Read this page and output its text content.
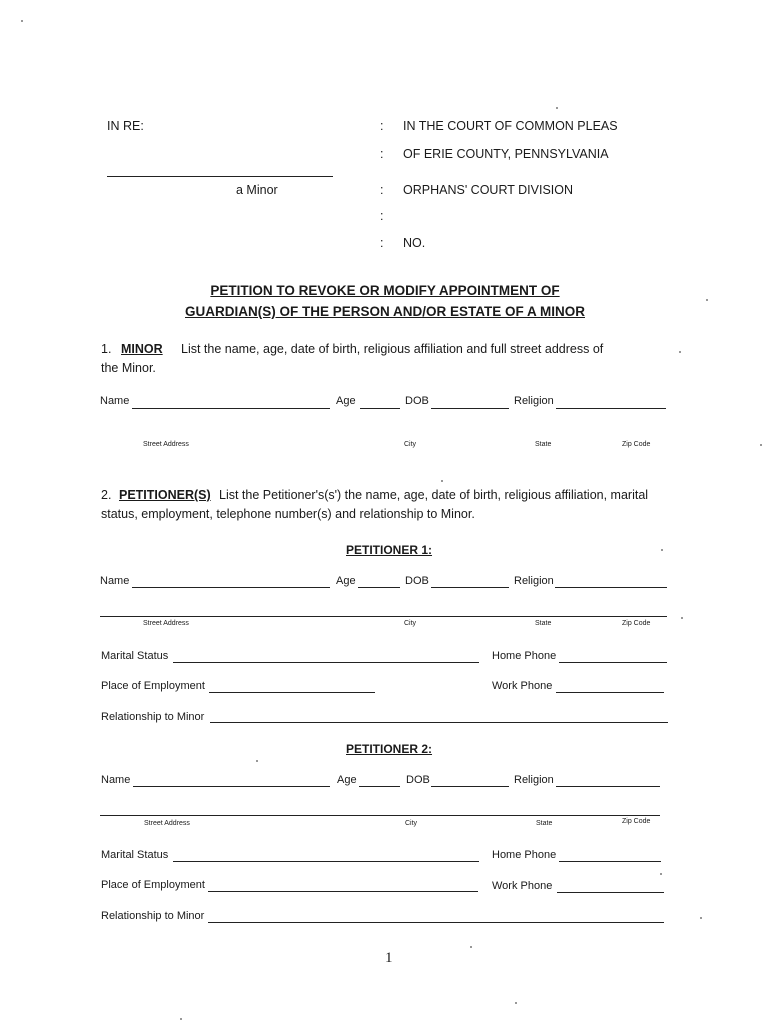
IN RE:	: IN THE COURT OF COMMON PLEAS
: OF ERIE COUNTY, PENNSYLVANIA
a Minor	: ORPHANS' COURT DIVISION
:
: NO.
PETITION TO REVOKE OR MODIFY APPOINTMENT OF
GUARDIAN(S) OF THE PERSON AND/OR ESTATE OF A MINOR
1. MINOR List the name, age, date of birth, religious affiliation and full street address of
the Minor.
Name	Age	DOB	Religion
Street Address	City	State	Zip Code
2. PETITIONER(S) List the Petitioner's(s') the name, age, date of birth, religious affiliation, marital
status, employment, telephone number(s) and relationship to Minor.
PETITIONER 1:
Name	Age	DOB	Religion
Street Address	City	State	Zip Code
Marital Status	Home Phone
Place of Employment	Work Phone
Relationship to Minor
PETITIONER 2:
Name	Age	DOB	Religion
Street Address	City	State	Zip Code
Marital Status	Home Phone
Place of Employment	Work Phone
Relationship to Minor
1
